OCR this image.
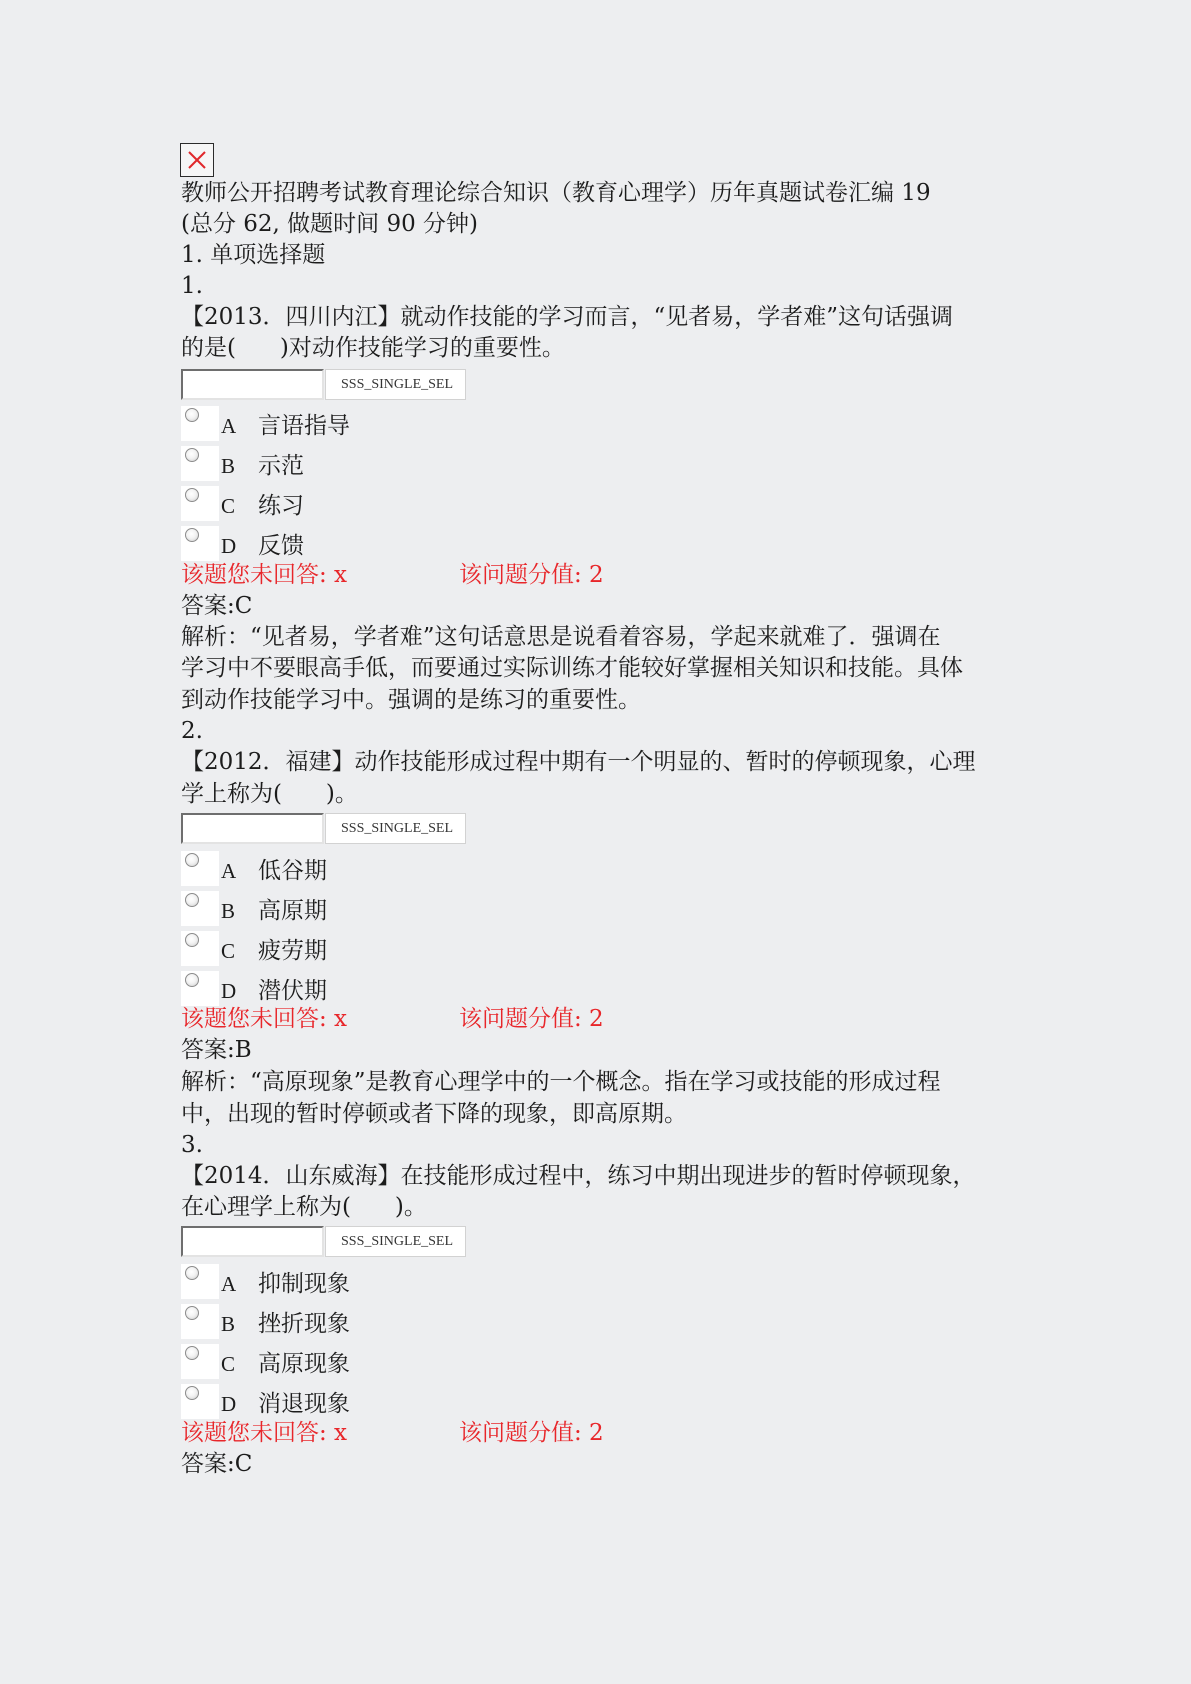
教师公开招聘考试教育理论综合知识（教育心理学）历年真题试卷汇编 19
(总分 62, 做题时间 90 分钟)
1. 单项选择题
1.
【2013．四川内江】就动作技能的学习而言，“见者易，学者难”这句话强调
的是(      )对动作技能学习的重要性。
SSS_SINGLE_SEL
A 言语指导
B 示范
C 练习
D 反馈
该题您未回答: x	该问题分值: 2
答案:C
解析：“见者易，学者难”这句话意思是说看着容易，学起来就难了．强调在
学习中不要眼高手低，而要通过实际训练才能较好掌握相关知识和技能。具体
到动作技能学习中。强调的是练习的重要性。
2.
【2012．福建】动作技能形成过程中期有一个明显的、暂时的停顿现象，心理
学上称为(      )。
SSS_SINGLE_SEL
A 低谷期
B 高原期
C 疲劳期
D 潜伏期
该题您未回答: x	该问题分值: 2
答案:B
解析：“高原现象”是教育心理学中的一个概念。指在学习或技能的形成过程
中，出现的暂时停顿或者下降的现象，即高原期。
3.
【2014．山东威海】在技能形成过程中，练习中期出现进步的暂时停顿现象，
在心理学上称为(      )。
SSS_SINGLE_SEL
A 抑制现象
B 挫折现象
C 高原现象
D 消退现象
该题您未回答: x	该问题分值: 2
答案:C
